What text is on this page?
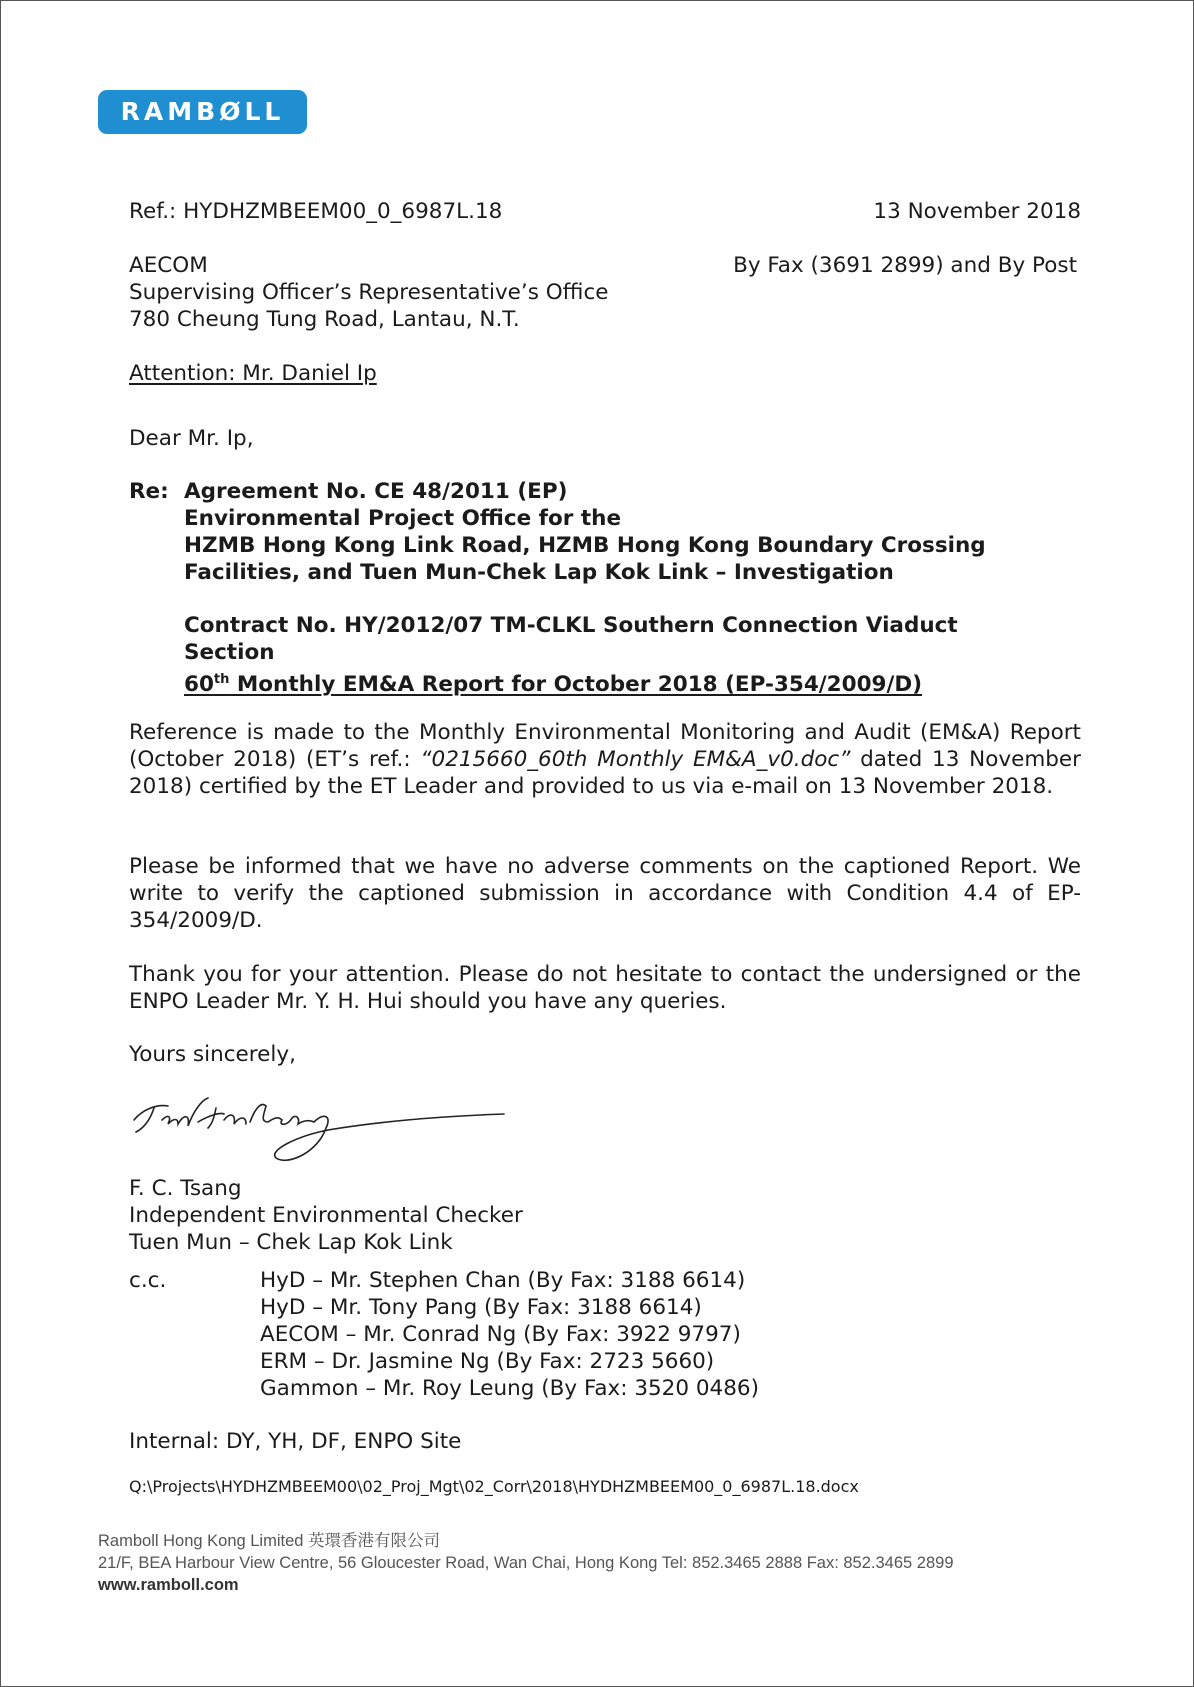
RAMBØLL
Ref.: HYDHZMBEEM00_0_6987L.18	13 November 2018
AECOM
Supervising Officer’s Representative’s Office
780 Cheung Tung Road, Lantau, N.T.
By Fax (3691 2899) and By Post
Attention: Mr. Daniel Ip
Dear Mr. Ip,
Re: Agreement No. CE 48/2011 (EP)
Environmental Project Office for the
HZMB Hong Kong Link Road, HZMB Hong Kong Boundary Crossing
Facilities, and Tuen Mun-Chek Lap Kok Link – Investigation
Contract No. HY/2012/07 TM-CLKL Southern Connection Viaduct
Section
60th Monthly EM&A Report for October 2018 (EP-354/2009/D)
Reference is made to the Monthly Environmental Monitoring and Audit (EM&A) Report (October 2018) (ET’s ref.: “0215660_60th Monthly EM&A_v0.doc” dated 13 November 2018) certified by the ET Leader and provided to us via e-mail on 13 November 2018.
Please be informed that we have no adverse comments on the captioned Report. We write to verify the captioned submission in accordance with Condition 4.4 of EP-354/2009/D.
Thank you for your attention. Please do not hesitate to contact the undersigned or the ENPO Leader Mr. Y. H. Hui should you have any queries.
Yours sincerely,
F. C. Tsang
Independent Environmental Checker
Tuen Mun – Chek Lap Kok Link
c.c.	HyD – Mr. Stephen Chan (By Fax: 3188 6614)
HyD – Mr. Tony Pang (By Fax: 3188 6614)
AECOM – Mr. Conrad Ng (By Fax: 3922 9797)
ERM – Dr. Jasmine Ng (By Fax: 2723 5660)
Gammon – Mr. Roy Leung (By Fax: 3520 0486)
Internal: DY, YH, DF, ENPO Site
Q:\Projects\HYDHZMBEEM00\02_Proj_Mgt\02_Corr\2018\HYDHZMBEEM00_0_6987L.18.docx
Ramboll Hong Kong Limited 英環香港有限公司
21/F, BEA Harbour View Centre, 56 Gloucester Road, Wan Chai, Hong Kong Tel: 852.3465 2888 Fax: 852.3465 2899
www.ramboll.com
